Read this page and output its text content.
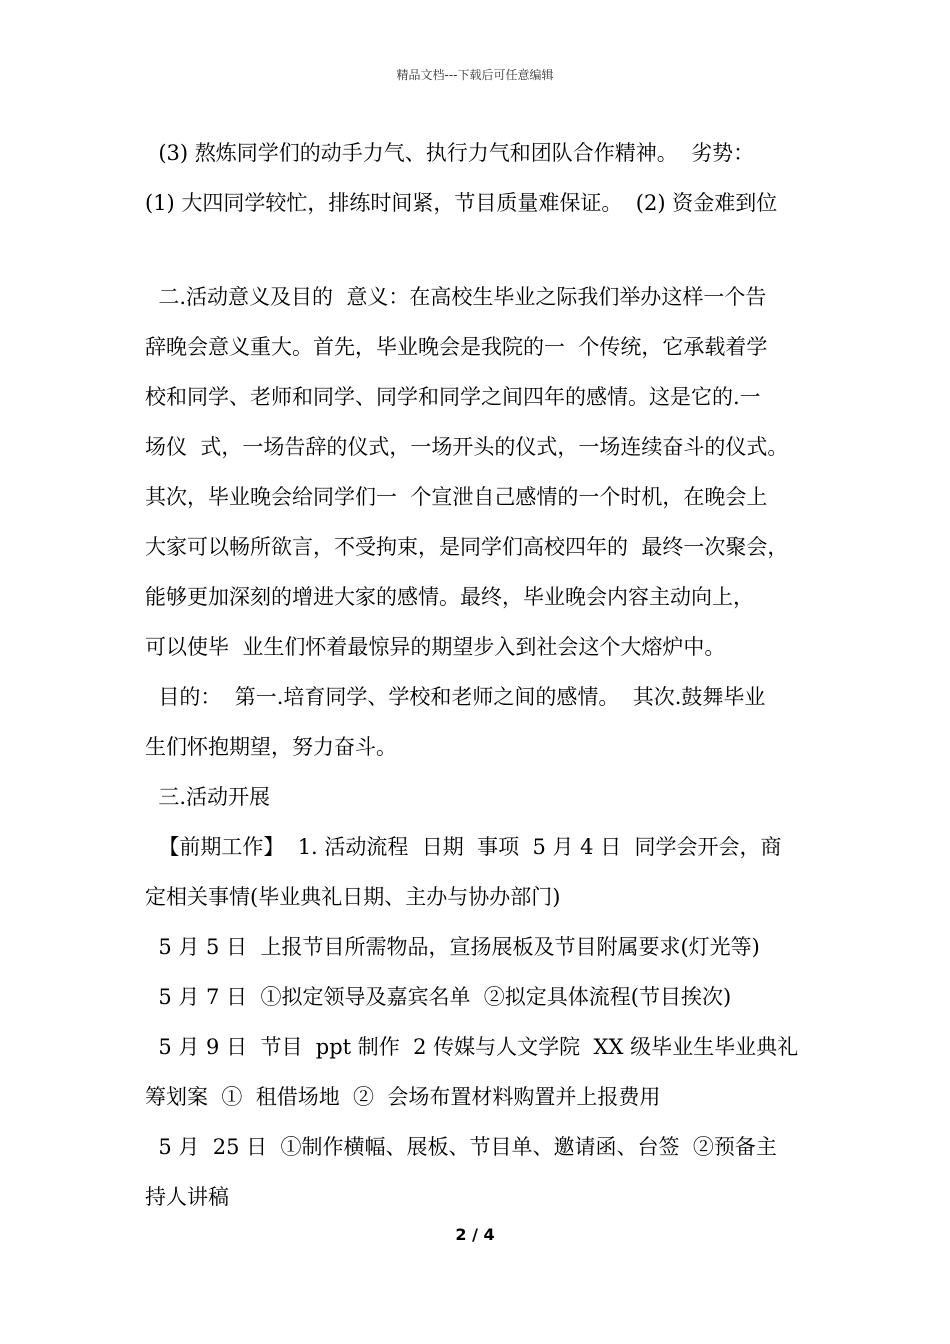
精品文档---下载后可任意编辑

(3) 熬炼同学们的动手力气、执行力气和团队合作精神。  劣势：

(1) 大四同学较忙，排练时间紧，节目质量难保证。  (2) 资金难到位

二.活动意义及目的  意义：在高校生毕业之际我们举办这样一个告

辞晚会意义重大。首先，毕业晚会是我院的一  个传统，它承载着学

校和同学、老师和同学、同学和同学之间四年的感情。这是它的.一

场仪  式，一场告辞的仪式，一场开头的仪式，一场连续奋斗的仪式。

其次，毕业晚会给同学们一  个宣泄自己感情的一个时机，在晚会上

大家可以畅所欲言，不受拘束，是同学们高校四年的  最终一次聚会，

能够更加深刻的增进大家的感情。最终，毕业晚会内容主动向上，

可以使毕  业生们怀着最惊异的期望步入到社会这个大熔炉中。

目的：  第一.培育同学、学校和老师之间的感情。  其次.鼓舞毕业

生们怀抱期望，努力奋斗。

三.活动开展

【前期工作】  1. 活动流程  日期  事项  5 月 4 日  同学会开会，商

定相关事情(毕业典礼日期、主办与协办部门)

5 月 5 日  上报节目所需物品，宣扬展板及节目附属要求(灯光等)

5 月 7 日  ①拟定领导及嘉宾名单  ②拟定具体流程(节目挨次)

5 月 9 日  节目  ppt 制作  2 传媒与人文学院  XX 级毕业生毕业典礼

筹划案  ①  租借场地  ②  会场布置材料购置并上报费用

5 月  25 日  ①制作横幅、展板、节目单、邀请函、台签  ②预备主

持人讲稿

2 / 4
